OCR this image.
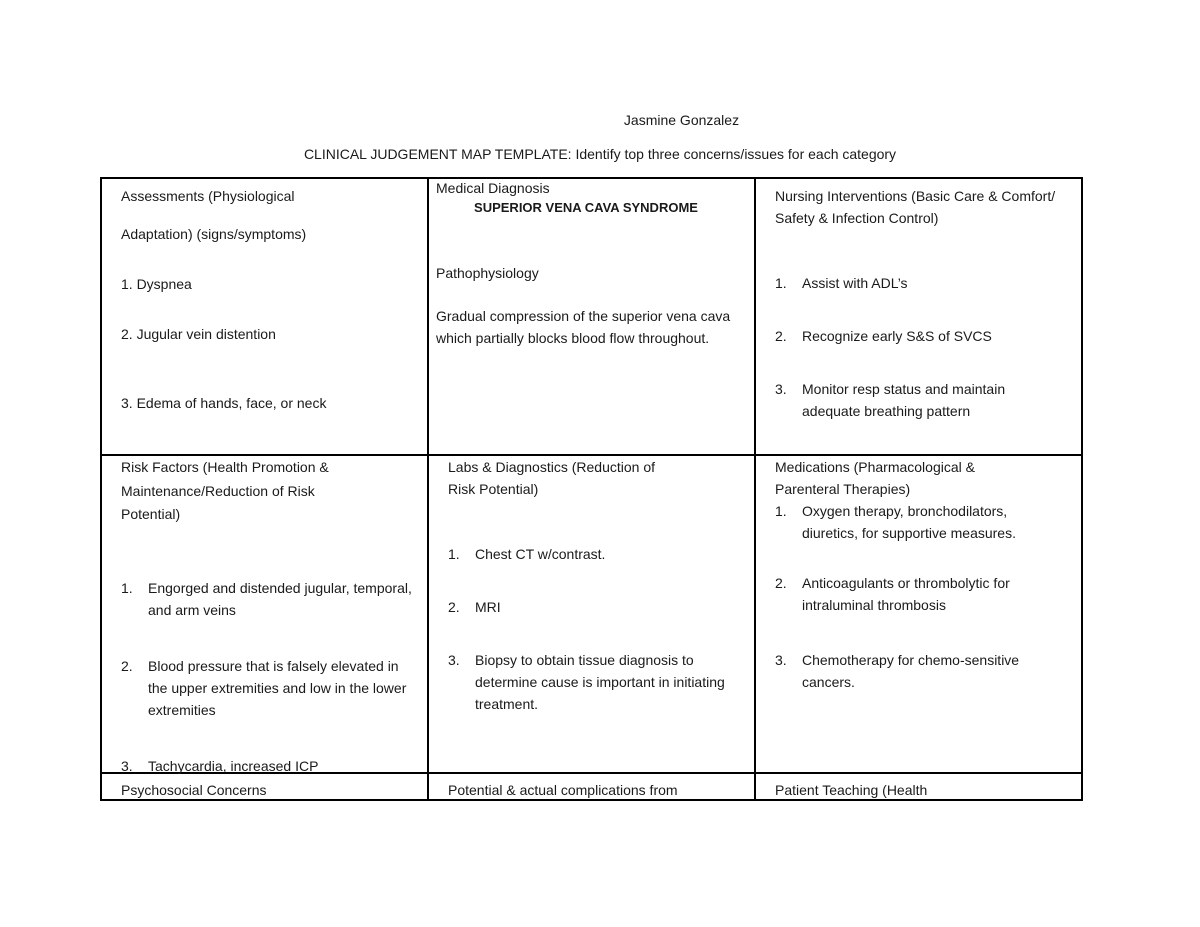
Jasmine Gonzalez
CLINICAL JUDGEMENT MAP TEMPLATE: Identify top three concerns/issues for each category

Assessments (Physiological

Adaptation) (signs/symptoms)

1. Dyspnea

2. Jugular vein distention

3. Edema of hands, face, or neck

Medical Diagnosis

SUPERIOR VENA CAVA SYNDROME

Pathophysiology

Gradual compression of the superior vena cava which partially blocks blood flow throughout.

Nursing Interventions (Basic Care & Comfort/ Safety & Infection Control)

1. Assist with ADL’s
2. Recognize early S&S of SVCS
3. Monitor resp status and maintain adequate breathing pattern

Risk Factors (Health Promotion & Maintenance/Reduction of Risk Potential)

1. Engorged and distended jugular, temporal, and arm veins
2. Blood pressure that is falsely elevated in the upper extremities and low in the lower extremities
3. Tachycardia, increased ICP

Labs & Diagnostics (Reduction of Risk Potential)

1. Chest CT w/contrast.
2. MRI
3. Biopsy to obtain tissue diagnosis to determine cause is important in initiating treatment.

Medications (Pharmacological & Parenteral Therapies)

1. Oxygen therapy, bronchodilators, diuretics, for supportive measures.
2. Anticoagulants or thrombolytic for intraluminal thrombosis
3. Chemotherapy for chemo-sensitive cancers.

Psychosocial Concerns	Potential & actual complications from	Patient Teaching (Health
